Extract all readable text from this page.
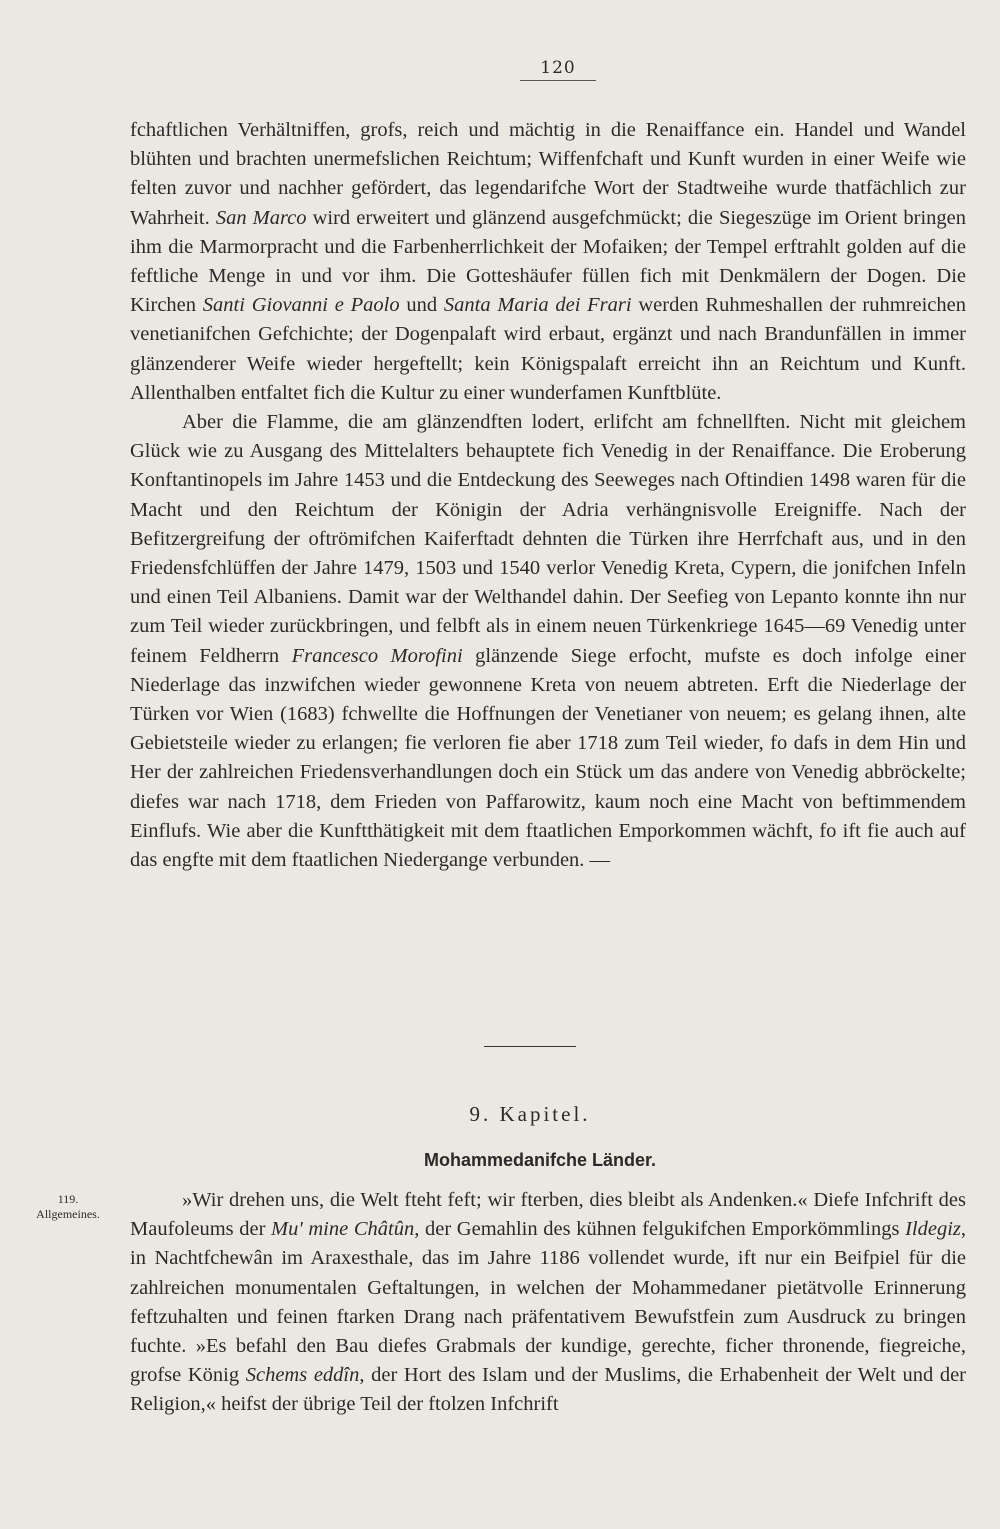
120

fchaftlichen Verhältniffen, grofs, reich und mächtig in die Renaiffance ein. Handel und Wandel blühten und brachten unermefslichen Reichtum; Wiffenfchaft und Kunft wurden in einer Weife wie felten zuvor und nachher gefördert, das legendarifche Wort der Stadtweihe wurde thatfächlich zur Wahrheit. San Marco wird erweitert und glänzend ausgefchmückt; die Siegeszüge im Orient bringen ihm die Marmorpracht und die Farbenherrlichkeit der Mofaiken; der Tempel erftrahlt golden auf die feftliche Menge in und vor ihm. Die Gotteshäufer füllen fich mit Denkmälern der Dogen. Die Kirchen Santi Giovanni e Paolo und Santa Maria dei Frari werden Ruhmeshallen der ruhmreichen venetianifchen Gefchichte; der Dogenpalaft wird erbaut, ergänzt und nach Brandunfällen in immer glänzenderer Weife wieder hergeftellt; kein Königspalaft erreicht ihn an Reichtum und Kunft. Allenthalben entfaltet fich die Kultur zu einer wunderfamen Kunftblüte.

Aber die Flamme, die am glänzendften lodert, erlifcht am fchnellften. Nicht mit gleichem Glück wie zu Ausgang des Mittelalters behauptete fich Venedig in der Renaiffance. Die Eroberung Konftantinopels im Jahre 1453 und die Entdeckung des Seeweges nach Oftindien 1498 waren für die Macht und den Reichtum der Königin der Adria verhängnisvolle Ereigniffe. Nach der Befitzergreifung der oftrömifchen Kaiferftadt dehnten die Türken ihre Herrfchaft aus, und in den Friedensfchlüffen der Jahre 1479, 1503 und 1540 verlor Venedig Kreta, Cypern, die jonifchen Infeln und einen Teil Albaniens. Damit war der Welthandel dahin. Der Seefieg von Lepanto konnte ihn nur zum Teil wieder zurückbringen, und felbft als in einem neuen Türkenkriege 1645—69 Venedig unter feinem Feldherrn Francesco Morofini glänzende Siege erfocht, mufste es doch infolge einer Niederlage das inzwifchen wieder gewonnene Kreta von neuem abtreten. Erft die Niederlage der Türken vor Wien (1683) fchwellte die Hoffnungen der Venetianer von neuem; es gelang ihnen, alte Gebietsteile wieder zu erlangen; fie verloren fie aber 1718 zum Teil wieder, fo dafs in dem Hin und Her der zahlreichen Friedensverhandlungen doch ein Stück um das andere von Venedig abbröckelte; diefes war nach 1718, dem Frieden von Paffarowitz, kaum noch eine Macht von beftimmendem Einflufs. Wie aber die Kunftthätigkeit mit dem ftaatlichen Emporkommen wächft, fo ift fie auch auf das engfte mit dem ftaatlichen Niedergange verbunden. —

9. Kapitel.
Mohammedanifche Länder.
119.
Allgemeines.

»Wir drehen uns, die Welt fteht feft; wir fterben, dies bleibt als Andenken.« Diefe Infchrift des Maufoleums der Mu' mine Châtûn, der Gemahlin des kühnen felgukifchen Emporkömmlings Ildegiz, in Nachtfchewân im Araxesthale, das im Jahre 1186 vollendet wurde, ift nur ein Beifpiel für die zahlreichen monumentalen Geftaltungen, in welchen der Mohammedaner pietätvolle Erinnerung feftzuhalten und feinen ftarken Drang nach präfentativem Bewufstfein zum Ausdruck zu bringen fuchte. »Es befahl den Bau diefes Grabmals der kundige, gerechte, ficher thronende, fiegreiche, grofse König Schems eddîn, der Hort des Islam und der Muslims, die Erhabenheit der Welt und der Religion,« heifst der übrige Teil der ftolzen Infchrift
